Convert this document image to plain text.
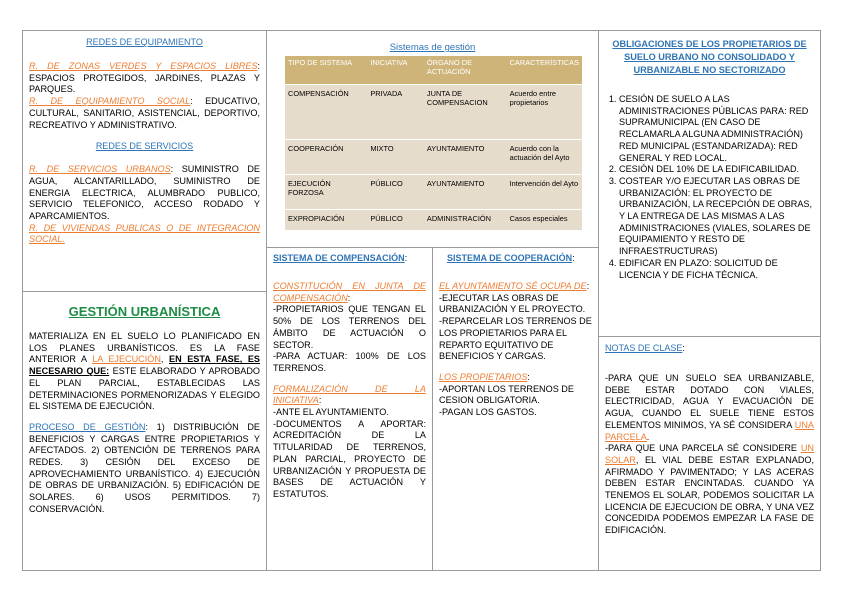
REDES DE EQUIPAMIENTO

R. DE ZONAS VERDES Y ESPACIOS LIBRES: ESPACIOS PROTEGIDOS, JARDINES, PLAZAS Y PARQUES.

R. DE EQUIPAMIENTO SOCIAL: EDUCATIVO, CULTURAL, SANITARIO, ASISTENCIAL, DEPORTIVO, RECREATIVO Y ADMINISTRATIVO.

REDES DE SERVICIOS

R. DE SERVICIOS URBANOS: SUMINISTRO DE AGUA, ALCANTARILLADO, SUMINISTRO DE ENERGIA ELECTRICA, ALUMBRADO PUBLICO, SERVICIO TELEFONICO, ACCESO RODADO Y APARCAMIENTOS.

R. DE VIVIENDAS PUBLICAS O DE INTEGRACION SOCIAL.

GESTIÓN URBANÍSTICA

MATERIALIZA EN EL SUELO LO PLANIFICADO EN LOS PLANES URBANÍSTICOS. ES LA FASE ANTERIOR A LA EJECUCIÓN, EN ESTA FASE, ES NECESARIO QUE: ESTE ELABORADO Y APROBADO EL PLAN PARCIAL, ESTABLECIDAS LAS DETERMINACIONES PORMENORIZADAS Y ELEGIDO EL SISTEMA DE EJECUCIÓN.

PROCESO DE GESTIÓN: 1) DISTRIBUCIÓN DE BENEFICIOS Y CARGAS ENTRE PROPIETARIOS Y AFECTADOS. 2) OBTENCIÓN DE TERRENOS PARA REDES. 3) CESIÓN DEL EXCESO DE APROVECHAMIENTO URBANÍSTICO. 4) EJECUCIÓN DE OBRAS DE URBANIZACIÓN. 5) EDIFICACIÓN DE SOLARES. 6) USOS PERMITIDOS. 7) CONSERVACIÓN.

Sistemas de gestión
TIPO DE SISTEMA	INICIATIVA	ÓRGANO DE ACTUACIÓN	CARACTERÍSTICAS
COMPENSACIÓN	PRIVADA	JUNTA DE COMPENSACION	Acuerdo entre propietarios
COOPERACIÓN	MIXTO	AYUNTAMIENTO	Acuerdo con la actuación del Ayto
EJECUCIÓN FORZOSA	PÚBLICO	AYUNTAMIENTO	Intervención del Ayto
EXPROPIACIÓN	PÚBLICO	ADMINISTRACIÓN	Casos especiales
SISTEMA DE COMPENSACIÓN:

CONSTITUCIÓN EN JUNTA DE COMPENSACIÓN:

-PROPIETARIOS QUE TENGAN EL 50% DE LOS TERRENOS DEL ÁMBITO DE ACTUACIÓN O SECTOR.

-PARA ACTUAR: 100% DE LOS TERRENOS.

FORMALIZACIÓN DE LA INICIATIVA:

-ANTE EL AYUNTAMIENTO.

-DOCUMENTOS A APORTAR: ACREDITACIÓN DE LA TITULARIDAD DE TERRENOS, PLAN PARCIAL, PROYECTO DE URBANIZACIÓN Y PROPUESTA DE BASES DE ACTUACIÓN Y ESTATUTOS.

SISTEMA DE COOPERACIÓN:

EL AYUNTAMIENTO SÉ OCUPA DE:

-EJECUTAR LAS OBRAS DE URBANIZACIÓN Y EL PROYECTO.

-REPARCELAR LOS TERRENOS DE LOS PROPIETARIOS PARA EL REPARTO EQUITATIVO DE BENEFICIOS Y CARGAS.

LOS PROPIETARIOS:

-APORTAN LOS TERRENOS DE CESION OBLIGATORIA.

-PAGAN LOS GASTOS.

OBLIGACIONES DE LOS PROPIETARIOS DE SUELO URBANO NO CONSOLIDADO Y URBANIZABLE NO SECTORIZADO
1. CESIÓN DE SUELO A LAS ADMINISTRACIONES PÚBLICAS PARA: RED SUPRAMUNICIPAL (EN CASO DE RECLAMARLA ALGUNA ADMINISTRACIÓN) RED MUNICIPAL (ESTANDARIZADA): RED GENERAL Y RED LOCAL.
2. CESIÓN DEL 10% DE LA EDIFICABILIDAD.
3. COSTEAR Y/O EJECUTAR LAS OBRAS DE URBANIZACIÓN: EL PROYECTO DE URBANIZACIÓN, LA RECEPCIÓN DE OBRAS, Y LA ENTREGA DE LAS MISMAS A LAS ADMINISTRACIONES (VIALES, SOLARES DE EQUIPAMIENTO Y RESTO DE INFRAESTRUCTURAS)
4. EDIFICAR EN PLAZO: SOLICITUD DE LICENCIA Y DE FICHA TÉCNICA.
NOTAS DE CLASE:

-PARA QUE UN SUELO SEA URBANIZABLE, DEBE ESTAR DOTADO CON VIALES, ELECTRICIDAD, AGUA Y EVACUACIÓN DE AGUA, CUANDO EL SUELE TIENE ESTOS ELEMENTOS MINIMOS, YA SÉ CONSIDERA UNA PARCELA.

-PARA QUE UNA PARCELA SÉ CONSIDERE UN SOLAR, EL VIAL DEBE ESTAR EXPLANADO, AFIRMADO Y PAVIMENTADO; Y LAS ACERAS DEBEN ESTAR ENCINTADAS. CUANDO YA TENEMOS EL SOLAR, PODEMOS SOLICITAR LA LICENCIA DE EJECUCION DE OBRA, Y UNA VEZ CONCEDIDA PODEMOS EMPEZAR LA FASE DE EDIFICACIÓN.
